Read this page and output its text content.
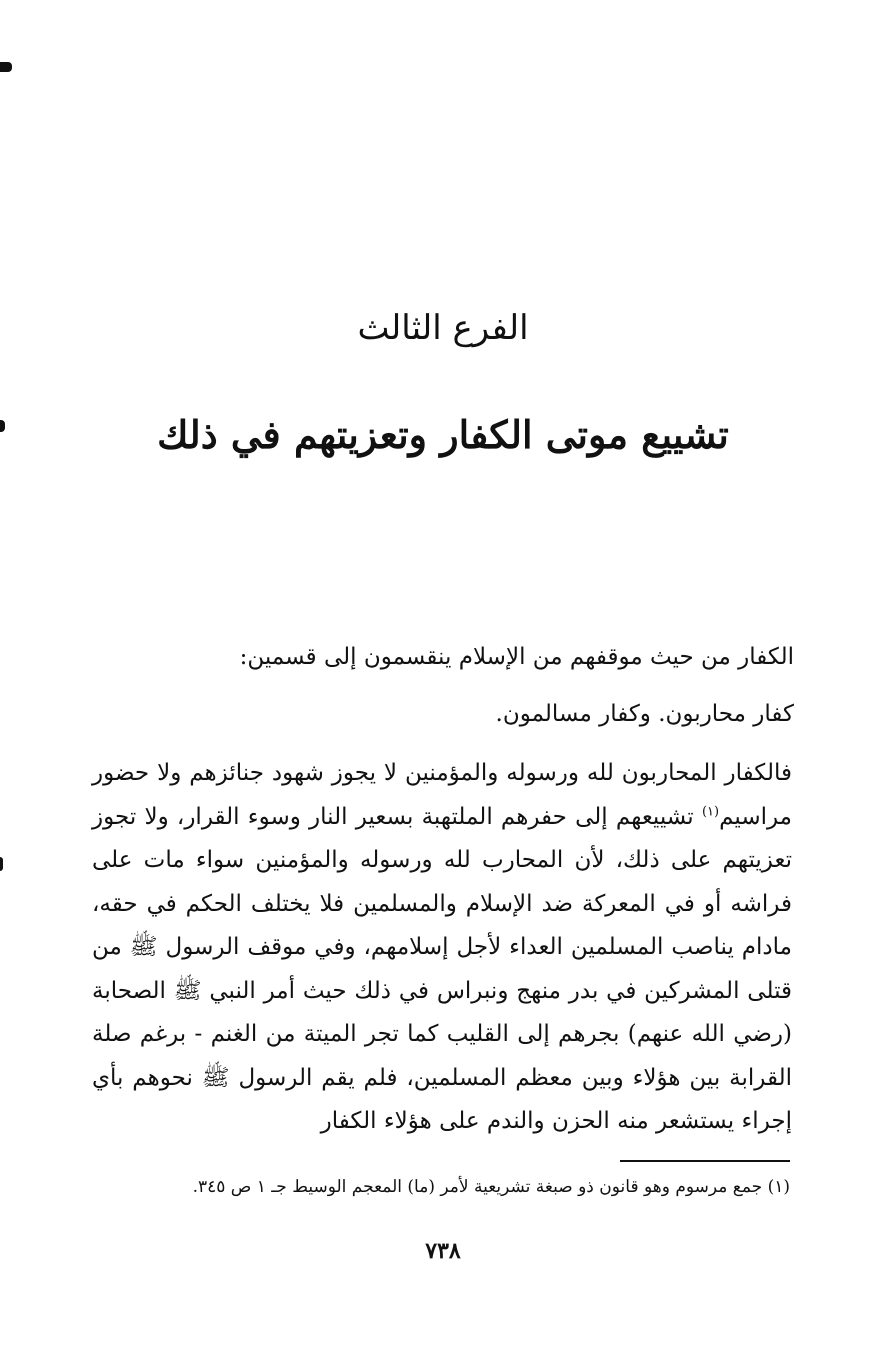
الفرع الثالث
تشييع موتى الكفار وتعزيتهم في ذلك
الكفار من حيث موقفهم من الإسلام ينقسمون إلى قسمين:
كفار محاربون. وكفار مسالمون.

فالكفار المحاربون لله ورسوله والمؤمنين لا يجوز شهود جنائزهم ولا حضور مراسيم$^{(١)}$ تشييعهم إلى حفرهم الملتهبة بسعير النار وسوء القرار، ولا تجوز تعزيتهم على ذلك، لأن المحارب لله ورسوله والمؤمنين سواء مات على فراشه أو في المعركة ضد الإسلام والمسلمين فلا يختلف الحكم في حقه، مادام يناصب المسلمين العداء لأجل إسلامهم، وفي موقف الرسول ﷺ من قتلى المشركين في بدر منهج ونبراس في ذلك حيث أمر النبي ﷺ الصحابة (رضي الله عنهم) بجرهم إلى القليب كما تجر الميتة من الغنم - برغم صلة القرابة بين هؤلاء وبين معظم المسلمين، فلم يقم الرسول ﷺ نحوهم بأي إجراء يستشعر منه الحزن والندم على هؤلاء الكفار

(١) جمع مرسوم وهو قانون ذو صبغة تشريعية لأمر (ما) المعجم الوسيط جـ ١ ص ٣٤٥.
٧٣٨
